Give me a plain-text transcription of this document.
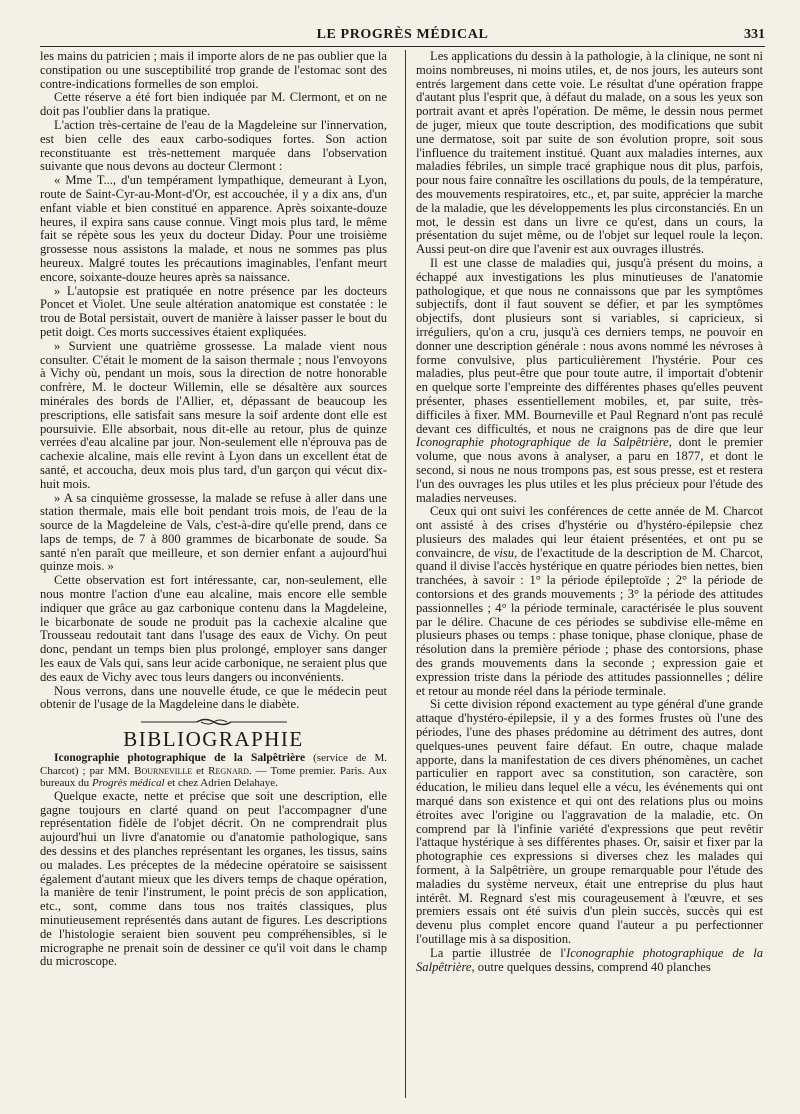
LE PROGRÈS MÉDICAL	331

les mains du patricien ; mais il importe alors de ne pas oublier que la constipation ou une susceptibilité trop grande de l'estomac sont des contre-indications formelles de son emploi.

Cette réserve a été fort bien indiquée par M. Clermont, et on ne doit pas l'oublier dans la pratique.

L'action très-certaine de l'eau de la Magdeleine sur l'innervation, est bien celle des eaux carbo-sodiques fortes. Son action reconstituante est très-nettement marquée dans l'observation suivante que nous devons au docteur Clermont :

« Mme T..., d'un tempérament lympathique, demeurant à Lyon, route de Saint-Cyr-au-Mont-d'Or, est accouchée, il y a dix ans, d'un enfant viable et bien constitué en apparence. Après soixante-douze heures, il expira sans cause connue. Vingt mois plus tard, le même fait se répète sous les yeux du docteur Diday. Pour une troisième grossesse nous assistons la malade, et nous ne sommes pas plus heureux. Malgré toutes les précautions imaginables, l'enfant meurt encore, soixante-douze heures après sa naissance.

» L'autopsie est pratiquée en notre présence par les docteurs Poncet et Violet. Une seule altération anatomique est constatée : le trou de Botal persistait, ouvert de manière à laisser passer le bout du petit doigt. Ces morts successives étaient expliquées.

» Survient une quatrième grossesse. La malade vient nous consulter. C'était le moment de la saison thermale ; nous l'envoyons à Vichy où, pendant un mois, sous la direction de notre honorable confrère, M. le docteur Willemin, elle se désaltère aux sources minérales des bords de l'Allier, et, dépassant de beaucoup les prescriptions, elle satisfait sans mesure la soif ardente dont elle est poursuivie. Elle absorbait, nous dit-elle au retour, plus de quinze verrées d'eau alcaline par jour. Non-seulement elle n'éprouva pas de cachexie alcaline, mais elle revint à Lyon dans un excellent état de santé, et accoucha, deux mois plus tard, d'un garçon qui vécut dix-huit mois.

» A sa cinquième grossesse, la malade se refuse à aller dans une station thermale, mais elle boit pendant trois mois, de l'eau de la source de la Magdeleine de Vals, c'est-à-dire qu'elle prend, dans ce laps de temps, de 7 à 800 grammes de bicarbonate de soude. Sa santé n'en paraît que meilleure, et son dernier enfant a aujourd'hui quinze mois. »

Cette observation est fort intéressante, car, non-seulement, elle nous montre l'action d'une eau alcaline, mais encore elle semble indiquer que grâce au gaz carbonique contenu dans la Magdeleine, le bicarbonate de soude ne produit pas la cachexie alcaline que Trousseau redoutait tant dans l'usage des eaux de Vichy. On peut donc, pendant un temps bien plus prolongé, employer sans danger les eaux de Vals qui, sans leur acide carbonique, ne seraient plus que des eaux de Vichy avec tous leurs dangers ou inconvénients.

Nous verrons, dans une nouvelle étude, ce que le médecin peut obtenir de l'usage de la Magdeleine dans le diabète.

BIBLIOGRAPHIE

Iconographie photographique de la Salpêtrière (service de M. Charcot) ; par MM. Bourneville et Regnard. — Tome premier. Paris. Aux bureaux du Progrès médical et chez Adrien Delahaye.

Quelque exacte, nette et précise que soit une description, elle gagne toujours en clarté quand on peut l'accompagner d'une représentation fidèle de l'objet décrit. On ne comprendrait plus aujourd'hui un livre d'anatomie ou d'anatomie pathologique, sans des dessins et des planches représentant les organes, les tissus, sains ou malades. Les préceptes de la médecine opératoire se saisissent également d'autant mieux que les divers temps de chaque opération, la manière de tenir l'instrument, le point précis de son application, etc., sont, comme dans tous nos traités classiques, plus minutieusement représentés dans autant de figures. Les descriptions de l'histologie seraient bien souvent peu compréhensibles, si le micrographe ne prenait soin de dessiner ce qu'il voit dans le champ du microscope.

Les applications du dessin à la pathologie, à la clinique, ne sont ni moins nombreuses, ni moins utiles, et, de nos jours, les auteurs sont entrés largement dans cette voie. Le résultat d'une opération frappe d'autant plus l'esprit que, à défaut du malade, on a sous les yeux son portrait avant et après l'opération. De même, le dessin nous permet de juger, mieux que toute description, des modifications que subit une dermatose, soit par suite de son évolution propre, soit sous l'influence du traitement institué. Quant aux maladies internes, aux maladies fébriles, un simple tracé graphique nous dit plus, parfois, pour nous faire connaître les oscillations du pouls, de la température, des mouvements respiratoires, etc., et, par suite, apprécier la marche de la maladie, que les développements les plus circonstanciés. En un mot, le dessin est dans un livre ce qu'est, dans un cours, la présentation du sujet même, ou de l'objet sur lequel roule la leçon. Aussi peut-on dire que l'avenir est aux ouvrages illustrés.

Il est une classe de maladies qui, jusqu'à présent du moins, a échappé aux investigations les plus minutieuses de l'anatomie pathologique, et que nous ne connaissons que par les symptômes subjectifs, dont il faut souvent se défier, et par les symptômes objectifs, dont plusieurs sont si variables, si capricieux, si irréguliers, qu'on a cru, jusqu'à ces derniers temps, ne pouvoir en donner une description générale : nous avons nommé les névroses à forme convulsive, plus particulièrement l'hystérie. Pour ces maladies, plus peut-être que pour toute autre, il importait d'obtenir en quelque sorte l'empreinte des différentes phases qu'elles peuvent présenter, phases essentiellement mobiles, et, par suite, très-difficiles à fixer. MM. Bourneville et Paul Regnard n'ont pas reculé devant ces difficultés, et nous ne craignons pas de dire que leur Iconographie photographique de la Salpêtrière, dont le premier volume, que nous avons à analyser, a paru en 1877, et dont le second, si nous ne nous trompons pas, est sous presse, est et restera l'un des ouvrages les plus utiles et les plus précieux pour l'étude des maladies nerveuses.

Ceux qui ont suivi les conférences de cette année de M. Charcot ont assisté à des crises d'hystérie ou d'hystéro-épilepsie chez plusieurs des malades qui leur étaient présentées, et ont pu se convaincre, de visu, de l'exactitude de la description de M. Charcot, quand il divise l'accès hystérique en quatre périodes bien nettes, bien tranchées, à savoir : 1° la période épileptoïde ; 2° la période de contorsions et des grands mouvements ; 3° la période des attitudes passionnelles ; 4° la période terminale, caractérisée le plus souvent par le délire. Chacune de ces périodes se subdivise elle-même en plusieurs phases ou temps : phase tonique, phase clonique, phase de résolution dans la première période ; phase des contorsions, phase des grands mouvements dans la seconde ; expression gaie et expression triste dans la période des attitudes passionnelles ; délire et retour au monde réel dans la période terminale.

Si cette division répond exactement au type général d'une grande attaque d'hystéro-épilepsie, il y a des formes frustes où l'une des périodes, l'une des phases prédomine au détriment des autres, dont quelques-unes peuvent faire défaut. En outre, chaque malade apporte, dans la manifestation de ces divers phénomènes, un cachet particulier en rapport avec sa constitution, son caractère, son éducation, le milieu dans lequel elle a vécu, les événements qui ont marqué dans son existence et qui ont des relations plus ou moins étroites avec l'origine ou l'aggravation de la maladie, etc. On comprend par là l'infinie variété d'expressions que peut revêtir l'attaque hystérique à ses différentes phases. Or, saisir et fixer par la photographie ces expressions si diverses chez les malades qui forment, à la Salpêtrière, un groupe remarquable pour l'étude des maladies du système nerveux, était une entreprise du plus haut intérêt. M. Regnard s'est mis courageusement à l'œuvre, et ses premiers essais ont été suivis d'un plein succès, succès qui est devenu plus complet encore quand l'auteur a pu perfectionner l'outillage mis à sa disposition.

La partie illustrée de l'Iconographie photographique de la Salpêtrière, outre quelques dessins, comprend 40 planches
